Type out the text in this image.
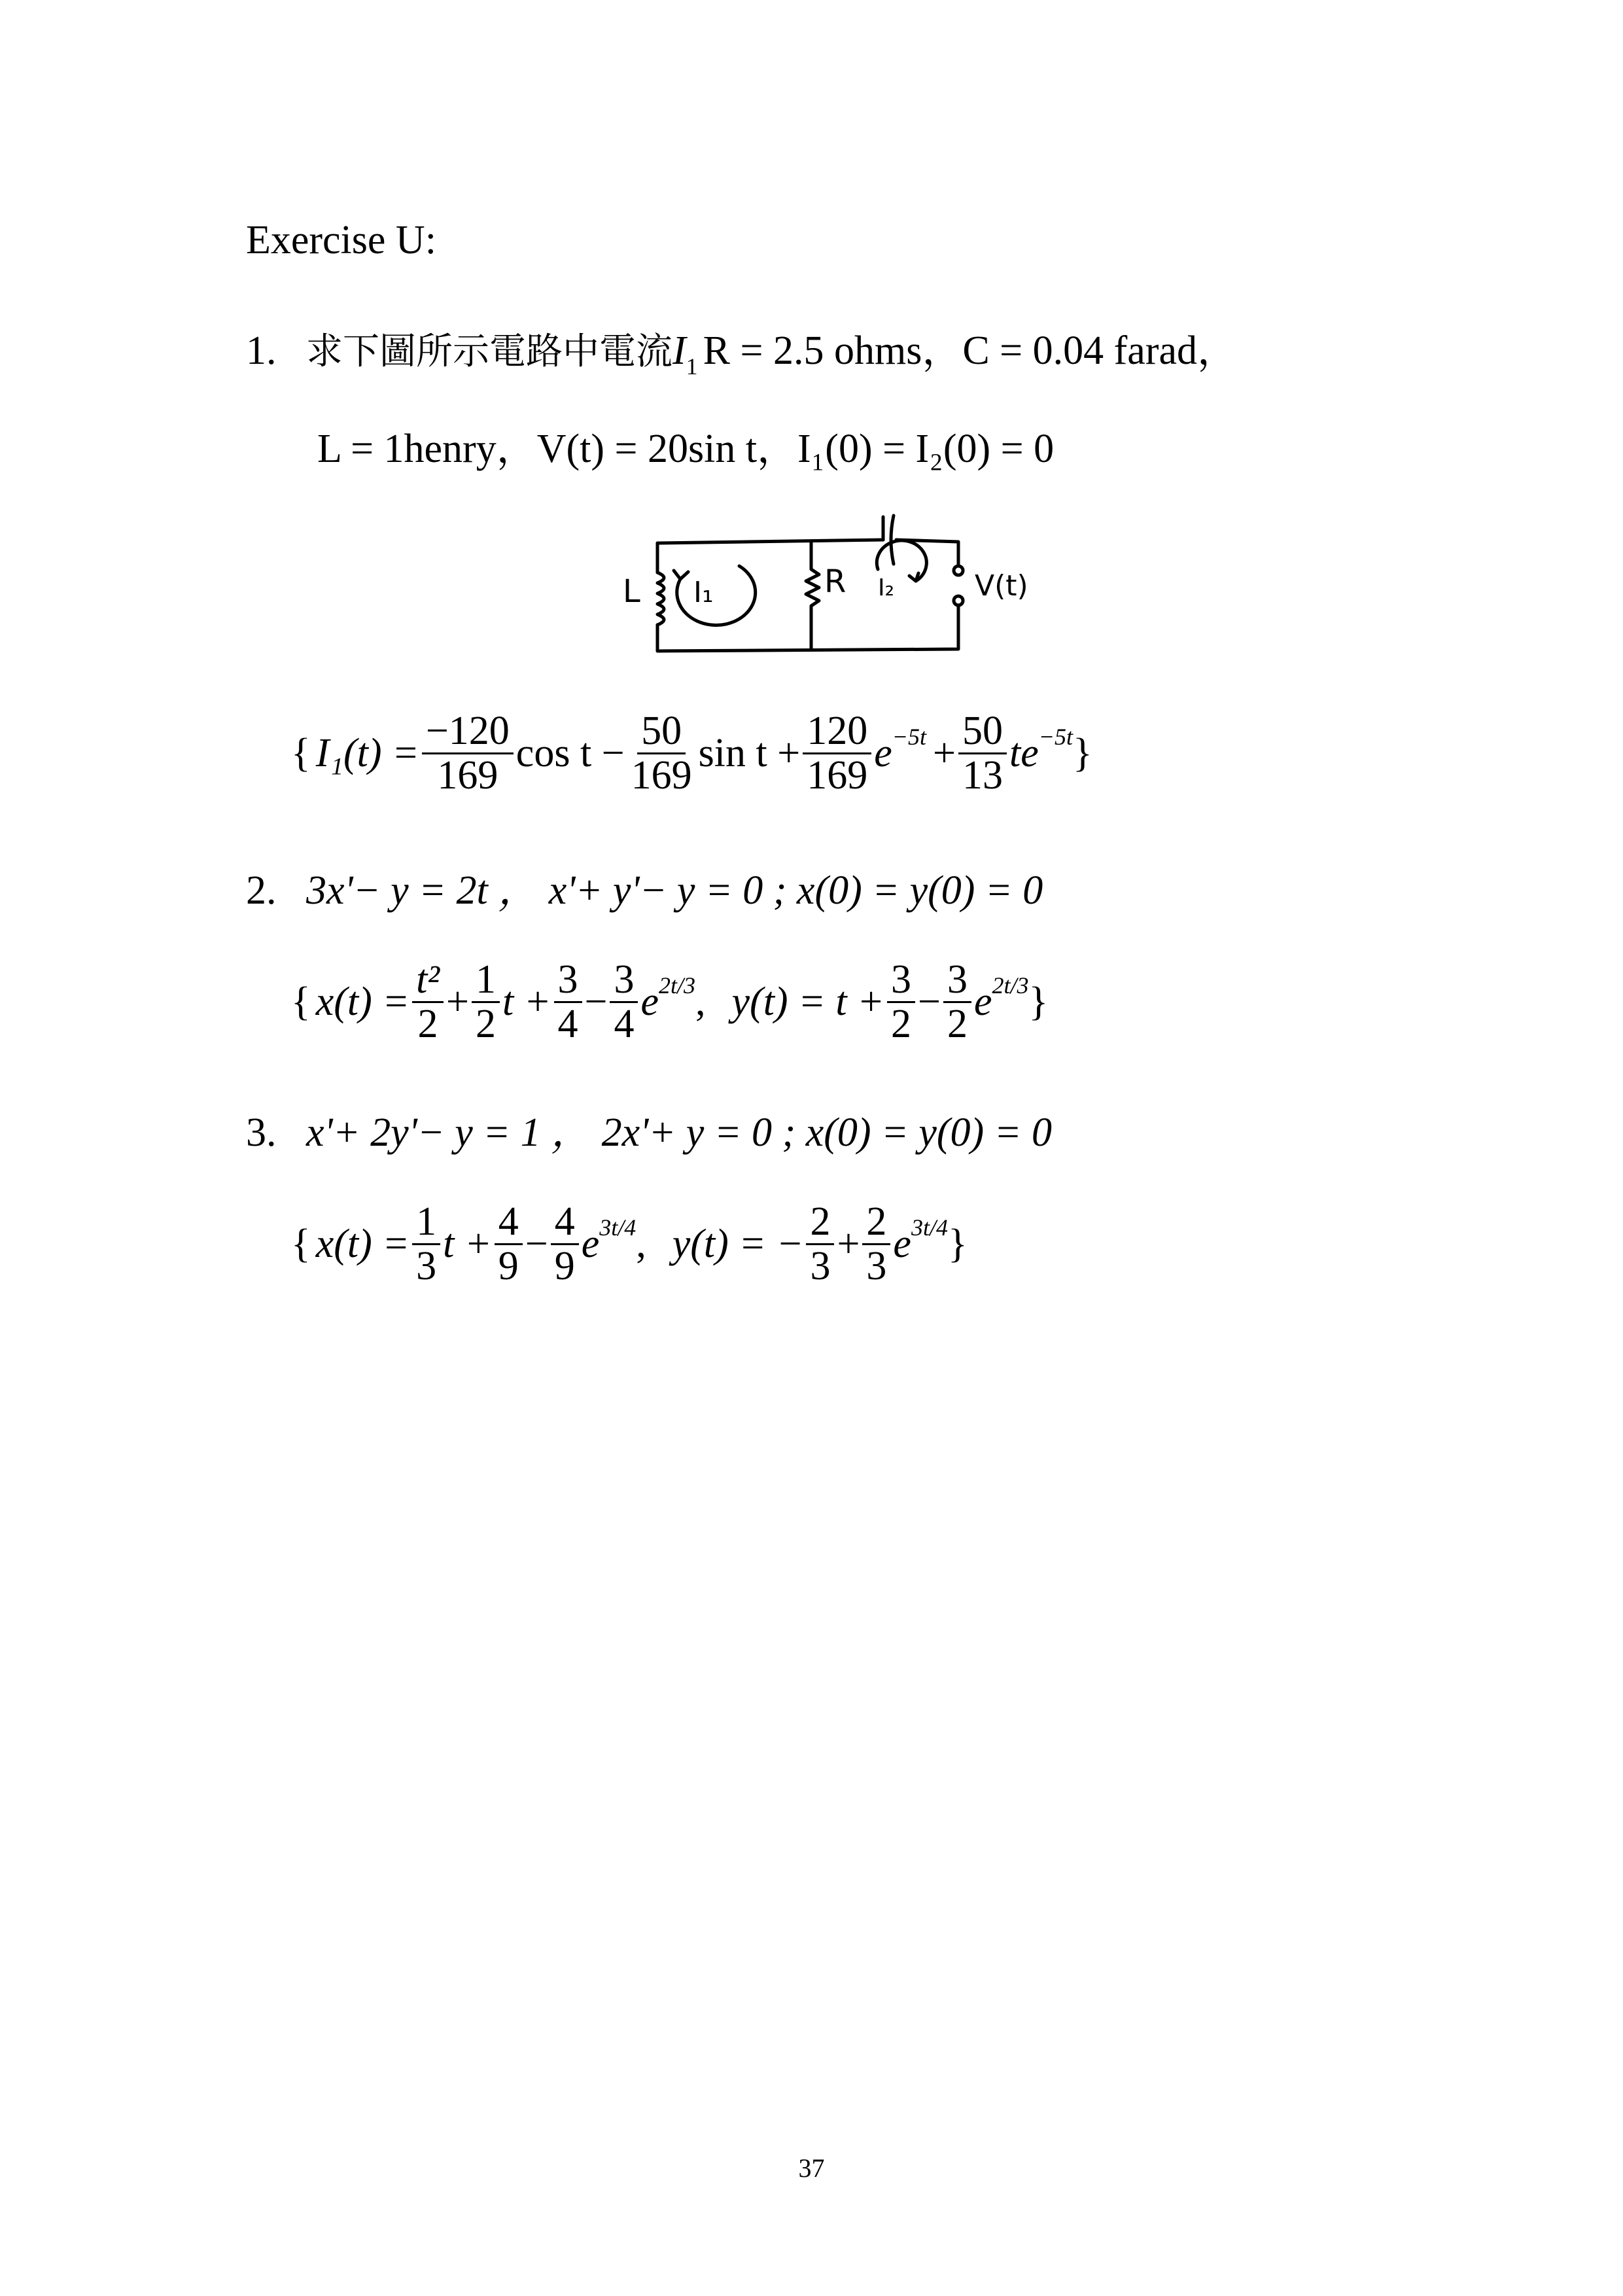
Exercise U:
1. 求下圖所示電路中電流$I_1$ R = 2.5 ohms，C = 0.04 farad，
L = 1henry，V(t) = 20sin t，I₁(0) = I₂(0) = 0
L	R
I₁	I₂	V(t)
{ $I_1(t) = \frac{-120}{169}$ $\cos t - \frac{50}{169}$ $\sin t + \frac{120}{169}$ $e -5t + \frac{50}{13}$ te −5t }
2. 3x'− y = 2t ， x'+ y'− y = 0 ; x(0) = y(0) = 0
{ $x(t) = \frac{\text{t²}}{2} + \frac{1}{2}$ $t + \frac{3}{4} - \frac{3}{4}$ e 2t/3 , $y(t) = t + \frac{3}{2} - \frac{3}{2}$ e 2t/3 }
3. x'+ 2y'− y = 1 ， 2x'+ y = 0 ; x(0) = y(0) = 0
{ $x(t) = \frac{1}{3}$ $t + \frac{4}{9} - \frac{4}{9}$ e 3t/4 , y(t) = − $\frac{2}{3} + \frac{2}{3}$ e 3t/4 }
37
